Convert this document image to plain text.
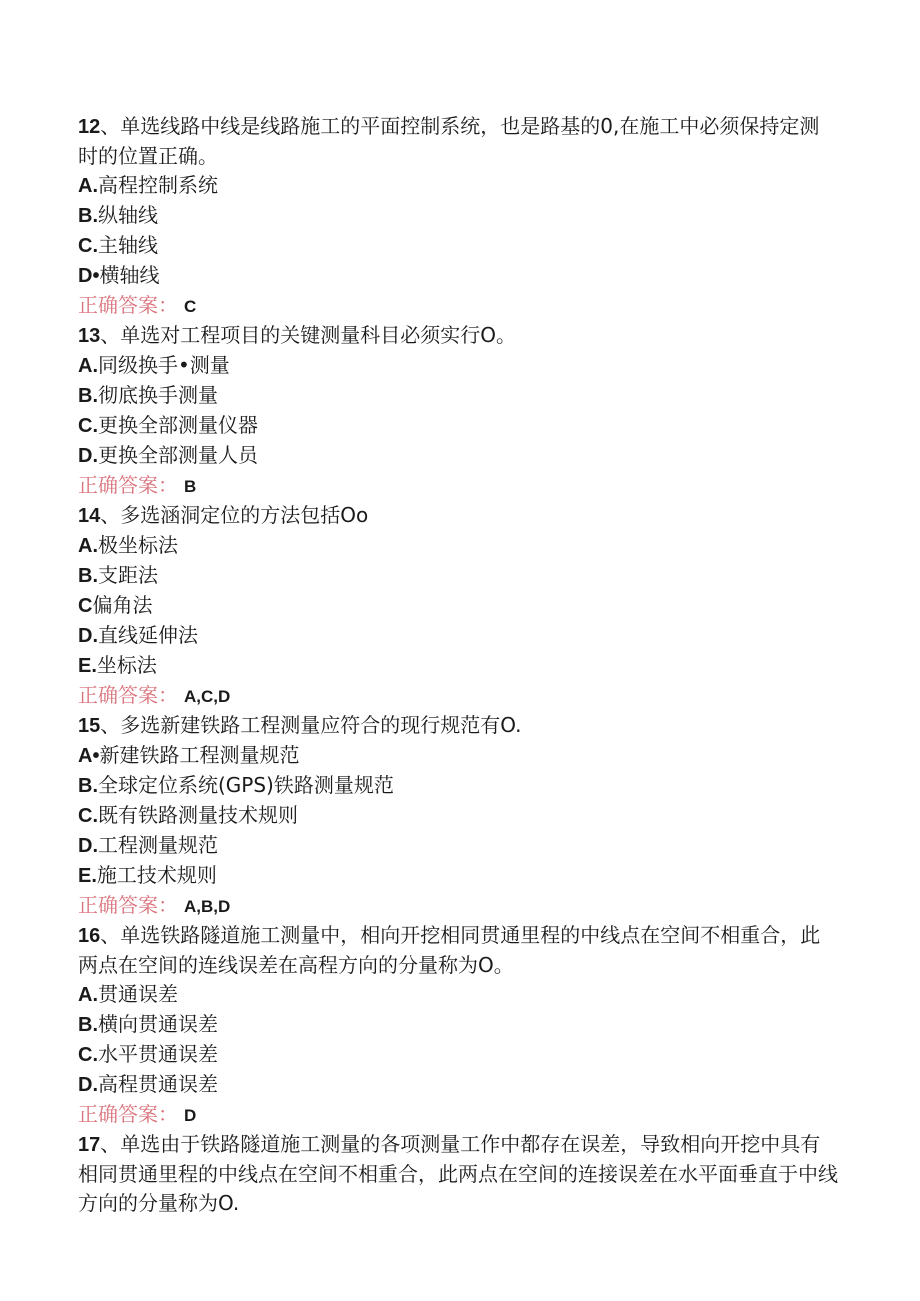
12、单选线路中线是线路施工的平面控制系统，也是路基的0,在施工中必须保持定测时的位置正确。
A.高程控制系统
B.纵轴线
C.主轴线
D•横轴线
正确答案： C
13、单选对工程项目的关键测量科目必须实行O。
A.同级换手•测量
B.彻底换手测量
C.更换全部测量仪器
D.更换全部测量人员
正确答案： B
14、多选涵洞定位的方法包括Oo
A.极坐标法
B.支距法
C偏角法
D.直线延伸法
E.坐标法
正确答案： A,C,D
15、多选新建铁路工程测量应符合的现行规范有O.
A•新建铁路工程测量规范
B.全球定位系统(GPS)铁路测量规范
C.既有铁路测量技术规则
D.工程测量规范
E.施工技术规则
正确答案： A,B,D
16、单选铁路隧道施工测量中，相向开挖相同贯通里程的中线点在空间不相重合，此两点在空间的连线误差在高程方向的分量称为O。
A.贯通误差
B.横向贯通误差
C.水平贯通误差
D.高程贯通误差
正确答案： D
17、单选由于铁路隧道施工测量的各项测量工作中都存在误差，导致相向开挖中具有相同贯通里程的中线点在空间不相重合，此两点在空间的连接误差在水平面垂直于中线方向的分量称为O.
